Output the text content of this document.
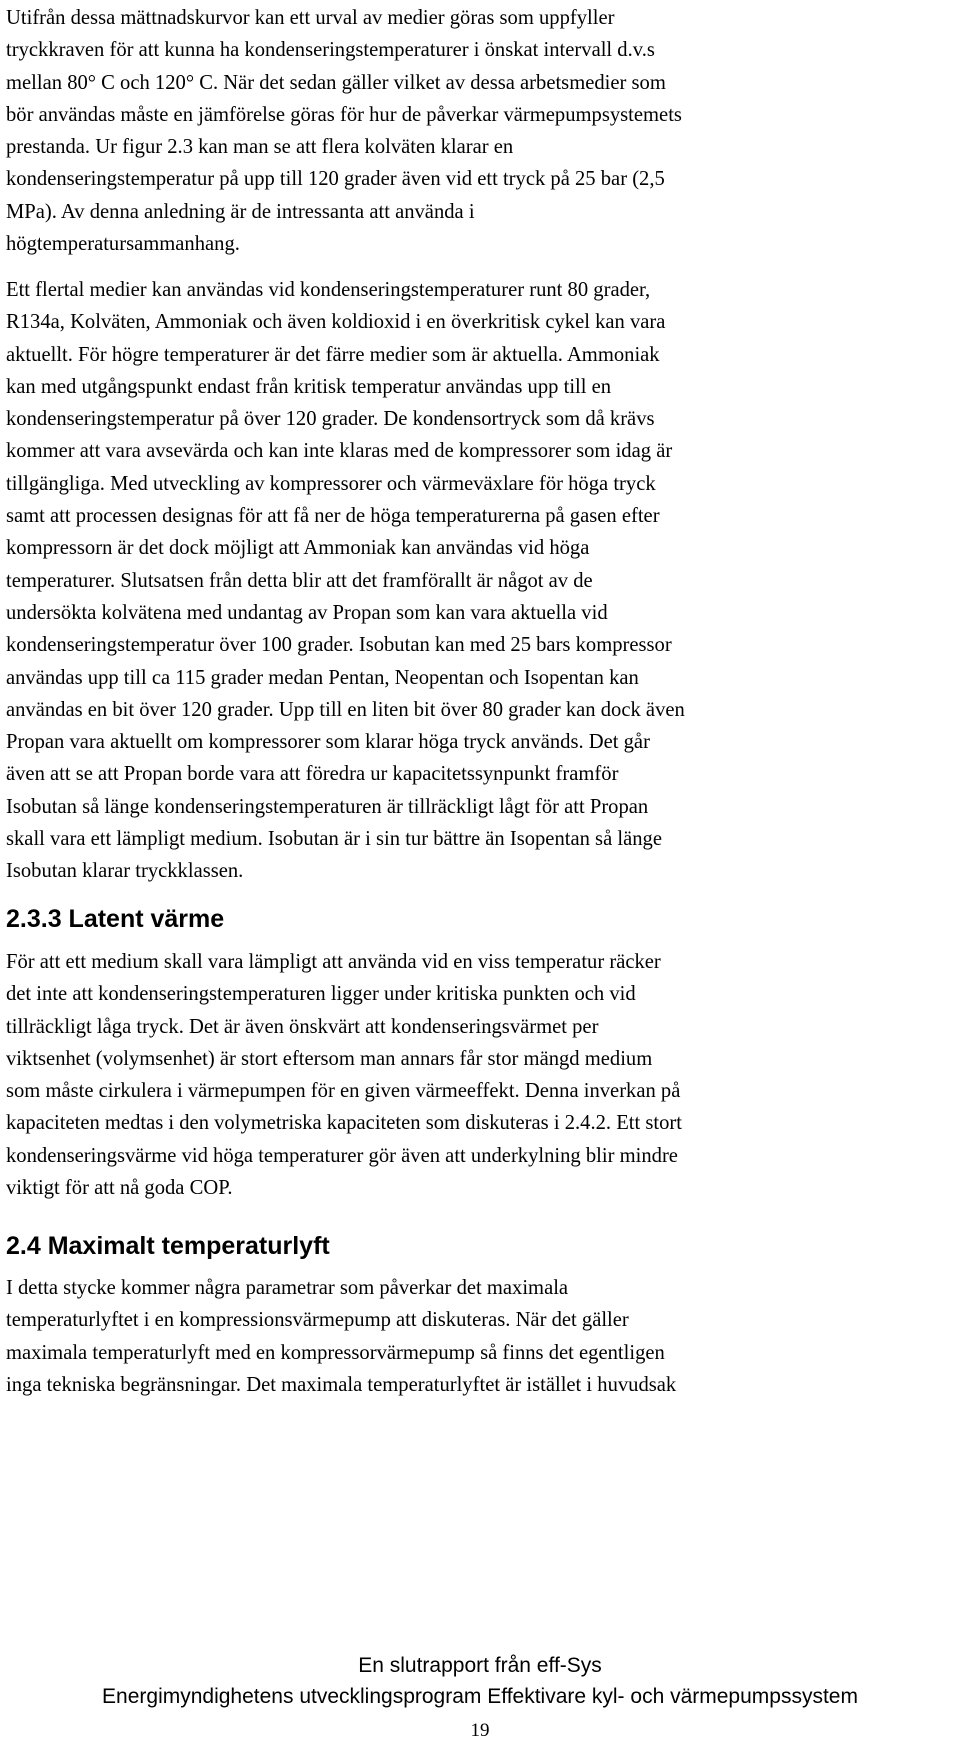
Utifrån dessa mättnadskurvor kan ett urval av medier göras som uppfyller
tryckkraven för att kunna ha kondenseringstemperaturer i önskat intervall d.v.s
mellan 80° C och 120° C. När det sedan gäller vilket av dessa arbetsmedier som
bör användas måste en jämförelse göras för hur de påverkar värmepumpsystemets
prestanda. Ur figur 2.3 kan man se att flera kolväten klarar en
kondenseringstemperatur på upp till 120 grader även vid ett tryck på 25 bar (2,5
MPa). Av denna anledning är de intressanta att använda i
högtemperatursammanhang.
Ett flertal medier kan användas vid kondenseringstemperaturer runt 80 grader,
R134a, Kolväten, Ammoniak och även koldioxid i en överkritisk cykel kan vara
aktuellt. För högre temperaturer är det färre medier som är aktuella. Ammoniak
kan med utgångspunkt endast från kritisk temperatur användas upp till en
kondenseringstemperatur på över 120 grader. De kondensortryck som då krävs
kommer att vara avsevärda och kan inte klaras med de kompressorer som idag är
tillgängliga. Med utveckling av kompressorer och värmeväxlare för höga tryck
samt att processen designas för att få ner de höga temperaturerna på gasen efter
kompressorn är det dock möjligt att Ammoniak kan användas vid höga
temperaturer. Slutsatsen från detta blir att det framförallt är något av de
undersökta kolvätena med undantag av Propan som kan vara aktuella vid
kondenseringstemperatur över 100 grader. Isobutan kan med 25 bars kompressor
användas upp till ca 115 grader medan Pentan, Neopentan och Isopentan kan
användas en bit över 120 grader. Upp till en liten bit över 80 grader kan dock även
Propan vara aktuellt om kompressorer som klarar höga tryck används. Det går
även att se att Propan borde vara att föredra ur kapacitetssynpunkt framför
Isobutan så länge kondenseringstemperaturen är tillräckligt lågt för att Propan
skall vara ett lämpligt medium. Isobutan är i sin tur bättre än Isopentan så länge
Isobutan klarar tryckklassen.
2.3.3 Latent värme
För att ett medium skall vara lämpligt att använda vid en viss temperatur räcker
det inte att kondenseringstemperaturen ligger under kritiska punkten och vid
tillräckligt låga tryck. Det är även önskvärt att kondenseringsvärmet per
viktsenhet (volymsenhet) är stort eftersom man annars får stor mängd medium
som måste cirkulera i värmepumpen för en given värmeeffekt. Denna inverkan på
kapaciteten medtas i den volymetriska kapaciteten som diskuteras i 2.4.2. Ett stort
kondenseringsvärme vid höga temperaturer gör även att underkylning blir mindre
viktigt för att nå goda COP.
2.4 Maximalt temperaturlyft
I detta stycke kommer några parametrar som påverkar det maximala
temperaturlyftet i en kompressionsvärmepump att diskuteras. När det gäller
maximala temperaturlyft med en kompressorvärmepump så finns det egentligen
inga tekniska begränsningar. Det maximala temperaturlyftet är istället i huvudsak
En slutrapport från eff-Sys
Energimyndighetens utvecklingsprogram Effektivare kyl- och värmepumpssystem
19
